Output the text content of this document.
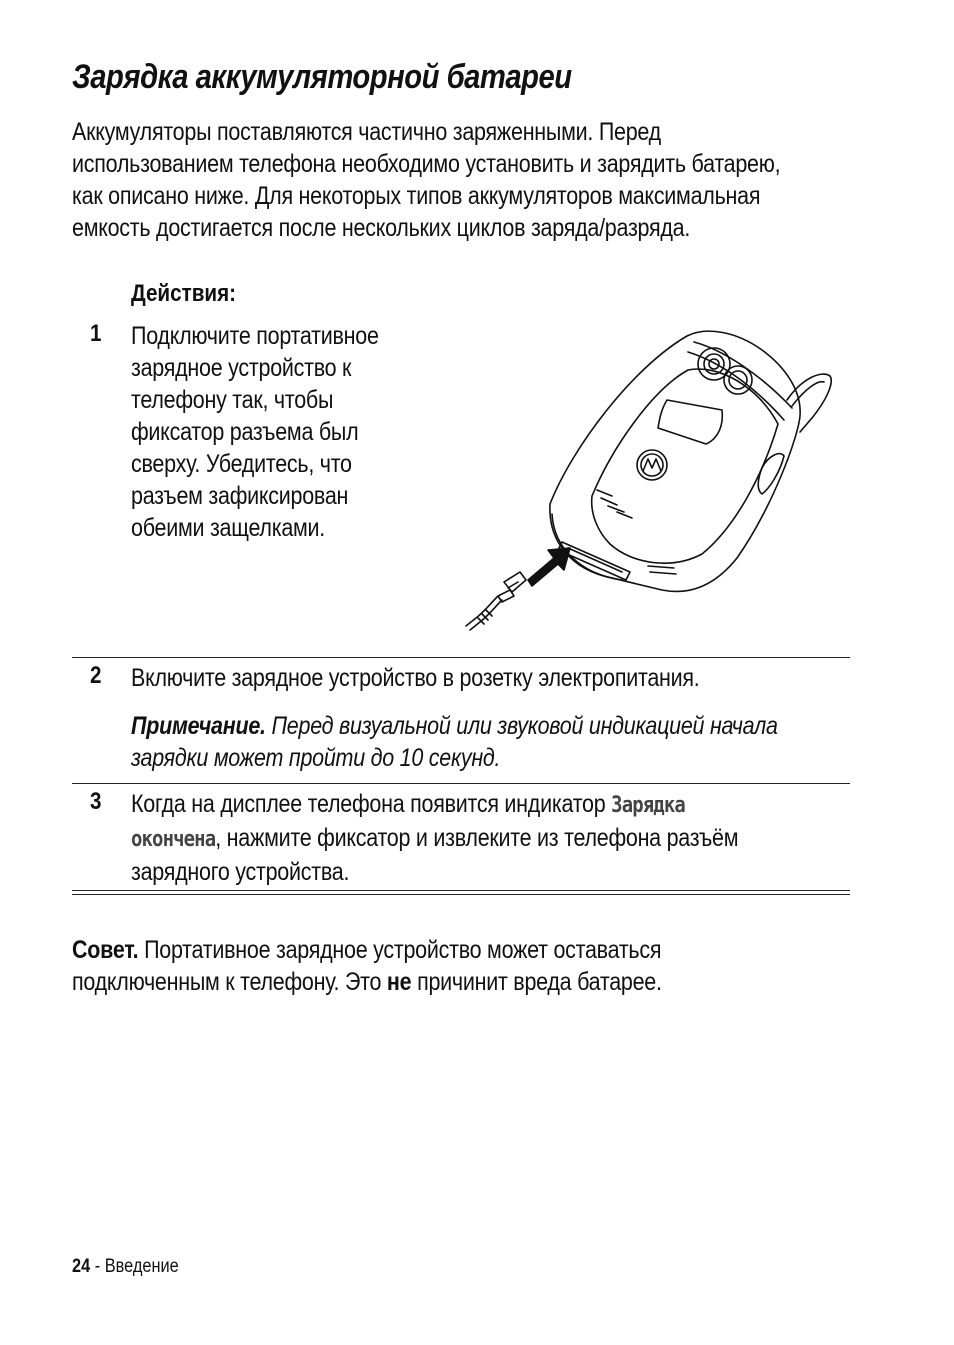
Зарядка аккумуляторной батареи

Аккумуляторы поставляются частично заряженными. Перед
использованием телефона необходимо установить и зарядить батарею,
как описано ниже. Для некоторых типов аккумуляторов максимальная
емкость достигается после нескольких циклов заряда/разряда.

Действия:
1 Подключите портативное
зарядное устройство к
телефону так, чтобы
фиксатор разъема был
сверху. Убедитесь, что
разъем зафиксирован
обеими защелками.

2 Включите зарядное устройство в розетку электропитания.

Примечание. Перед визуальной или звуковой индикацией начала
зарядки может пройти до 10 секунд.

3 Когда на дисплее телефона появится индикатор Зарядка
окончена, нажмите фиксатор и извлеките из телефона разъём
зарядного устройства.

Совет. Портативное зарядное устройство может оставаться
подключенным к телефону. Это не причинит вреда батарее.

24 - Введение
